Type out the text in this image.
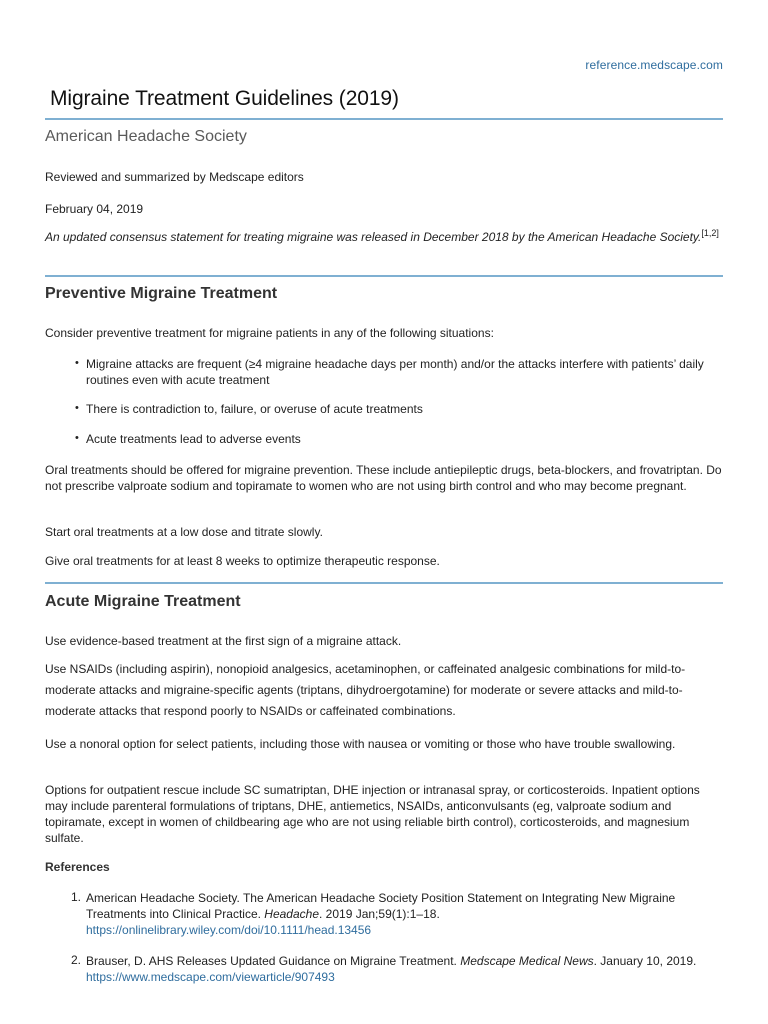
reference.medscape.com
Migraine Treatment Guidelines (2019)
American Headache Society

Reviewed and summarized by Medscape editors

February 04, 2019

An updated consensus statement for treating migraine was released in December 2018 by the American Headache Society.[1,2]

Preventive Migraine Treatment

Consider preventive treatment for migraine patients in any of the following situations:

• Migraine attacks are frequent (≥4 migraine headache days per month) and/or the attacks interfere with patients’ daily routines even with acute treatment

• There is contradiction to, failure, or overuse of acute treatments

• Acute treatments lead to adverse events

Oral treatments should be offered for migraine prevention. These include antiepileptic drugs, beta-blockers, and frovatriptan. Do not prescribe valproate sodium and topiramate to women who are not using birth control and who may become pregnant.

Start oral treatments at a low dose and titrate slowly.

Give oral treatments for at least 8 weeks to optimize therapeutic response.

Acute Migraine Treatment

Use evidence-based treatment at the first sign of a migraine attack.

Use NSAIDs (including aspirin), nonopioid analgesics, acetaminophen, or caffeinated analgesic combinations for mild-to-moderate attacks and migraine-specific agents (triptans, dihydroergotamine) for moderate or severe attacks and mild-to-moderate attacks that respond poorly to NSAIDs or caffeinated combinations.

Use a nonoral option for select patients, including those with nausea or vomiting or those who have trouble swallowing.

Options for outpatient rescue include SC sumatriptan, DHE injection or intranasal spray, or corticosteroids. Inpatient options may include parenteral formulations of triptans, DHE, antiemetics, NSAIDs, anticonvulsants (eg, valproate sodium and topiramate, except in women of childbearing age who are not using reliable birth control), corticosteroids, and magnesium sulfate.

References
1. American Headache Society. The American Headache Society Position Statement on Integrating New Migraine Treatments into Clinical Practice. Headache. 2019 Jan;59(1):1–18.
https://onlinelibrary.wiley.com/doi/10.1111/head.13456

2. Brauser, D. AHS Releases Updated Guidance on Migraine Treatment. Medscape Medical News. January 10, 2019. https://www.medscape.com/viewarticle/907493
